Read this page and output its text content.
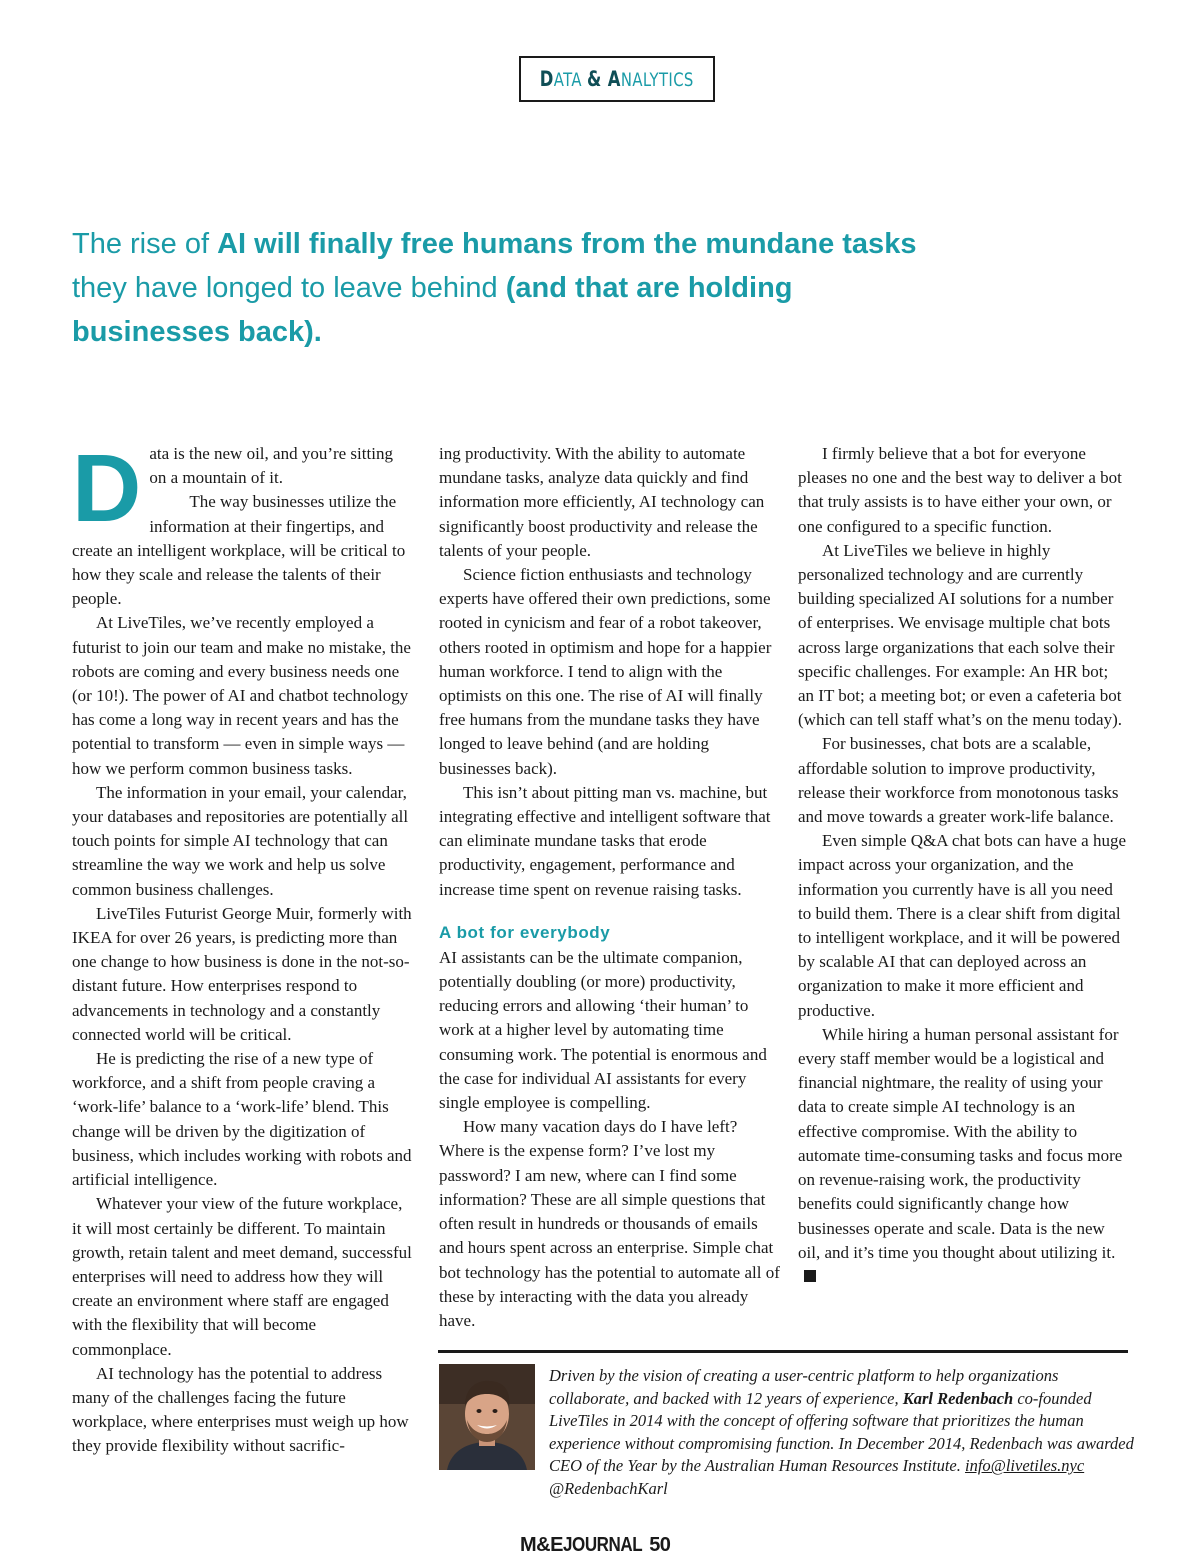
DATA & ANALYTICS

The rise of AI will finally free humans from the mundane tasks they have longed to leave behind (and that are holding businesses back).

Data is the new oil, and you’re sitting on a mountain of it.

The way businesses utilize the information at their fingertips, and create an intelligent workplace, will be critical to how they scale and release the talents of their people.

At LiveTiles, we’ve recently employed a futurist to join our team and make no mistake, the robots are coming and every business needs one (or 10!). The power of AI and chatbot technology has come a long way in recent years and has the potential to transform — even in simple ways — how we perform common business tasks.

The information in your email, your calendar, your databases and repositories are potentially all touch points for simple AI technology that can streamline the way we work and help us solve common business challenges.

LiveTiles Futurist George Muir, formerly with IKEA for over 26 years, is predicting more than one change to how business is done in the not-so-distant future. How enterprises respond to advancements in technology and a constantly connected world will be critical.

He is predicting the rise of a new type of workforce, and a shift from people craving a ‘work-life’ balance to a ‘work-life’ blend. This change will be driven by the digitization of business, which includes working with robots and artificial intelligence.

Whatever your view of the future workplace, it will most certainly be different. To maintain growth, retain talent and meet demand, successful enterprises will need to address how they will create an environment where staff are engaged with the flexibility that will become commonplace.

AI technology has the potential to address many of the challenges facing the future workplace, where enterprises must weigh up how they provide flexibility without sacrific-

ing productivity. With the ability to automate mundane tasks, analyze data quickly and find information more efficiently, AI technology can significantly boost productivity and release the talents of your people.

Science fiction enthusiasts and technology experts have offered their own predictions, some rooted in cynicism and fear of a robot takeover, others rooted in optimism and hope for a happier human workforce. I tend to align with the optimists on this one. The rise of AI will finally free humans from the mundane tasks they have longed to leave behind (and are holding businesses back).

This isn’t about pitting man vs. machine, but integrating effective and intelligent software that can eliminate mundane tasks that erode productivity, engagement, performance and increase time spent on revenue raising tasks.

A bot for everybody

AI assistants can be the ultimate companion, potentially doubling (or more) productivity, reducing errors and allowing ‘their human’ to work at a higher level by automating time consuming work. The potential is enormous and the case for individual AI assistants for every single employee is compelling.

How many vacation days do I have left? Where is the expense form? I’ve lost my password? I am new, where can I find some information? These are all simple questions that often result in hundreds or thousands of emails and hours spent across an enterprise. Simple chat bot technology has the potential to automate all of these by interacting with the data you already have.

I firmly believe that a bot for everyone pleases no one and the best way to deliver a bot that truly assists is to have either your own, or one configured to a specific function.

At LiveTiles we believe in highly personalized technology and are currently building specialized AI solutions for a number of enterprises. We envisage multiple chat bots across large organizations that each solve their specific challenges. For example: An HR bot; an IT bot; a meeting bot; or even a cafeteria bot (which can tell staff what’s on the menu today).

For businesses, chat bots are a scalable, affordable solution to improve productivity, release their workforce from monotonous tasks and move towards a greater work-life balance.

Even simple Q&A chat bots can have a huge impact across your organization, and the information you currently have is all you need to build them. There is a clear shift from digital to intelligent workplace, and it will be powered by scalable AI that can deployed across an organization to make it more efficient and productive.

While hiring a human personal assistant for every staff member would be a logistical and financial nightmare, the reality of using your data to create simple AI technology is an effective compromise. With the ability to automate time-consuming tasks and focus more on revenue-raising work, the productivity benefits could significantly change how businesses operate and scale. Data is the new oil, and it’s time you thought about utilizing it.

Driven by the vision of creating a user-centric platform to help organizations collaborate, and backed with 12 years of experience, Karl Redenbach co-founded LiveTiles in 2014 with the concept of offering software that prioritizes the human experience without compromising function. In December 2014, Redenbach was awarded CEO of the Year by the Australian Human Resources Institute. info@livetiles.nyc @RedenbachKarl

M&EJOURNAL 50
